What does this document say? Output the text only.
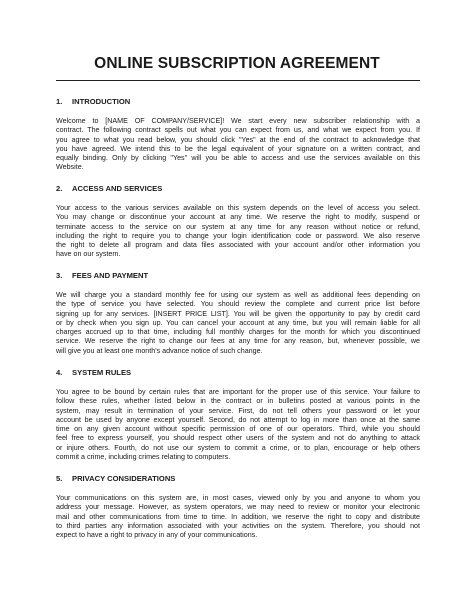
ONLINE SUBSCRIPTION AGREEMENT
1. INTRODUCTION
Welcome to [NAME OF COMPANY/SERVICE]! We start every new subscriber relationship with a
contract. The following contract spells out what you can expect from us, and what we expect from you. If
you agree to what you read below, you should click "Yes" at the end of the contract to acknowledge that
you have agreed. We intend this to be the legal equivalent of your signature on a written contract, and
equally binding. Only by clicking "Yes" will you be able to access and use the services available on this
Website.
2. ACCESS AND SERVICES
Your access to the various services available on this system depends on the level of access you select.
You may change or discontinue your account at any time. We reserve the right to modify, suspend or
terminate access to the service on our system at any time for any reason without notice or refund,
including the right to require you to change your login identification code or password. We also reserve
the right to delete all program and data files associated with your account and/or other information you
have on our system.
3. FEES AND PAYMENT
We will charge you a standard monthly fee for using our system as well as additional fees depending on
the type of service you have selected. You should review the complete and current price list before
signing up for any services. [INSERT PRICE LIST]. You will be given the opportunity to pay by credit card
or by check when you sign up. You can cancel your account at any time, but you will remain liable for all
charges accrued up to that time, including full monthly charges for the month for which you discontinued
service. We reserve the right to change our fees at any time for any reason, but, whenever possible, we
will give you at least one month's advance notice of such change.
4. SYSTEM RULES
You agree to be bound by certain rules that are important for the proper use of this service. Your failure to
follow these rules, whether listed below in the contract or in bulletins posted at various points in the
system, may result in termination of your service. First, do not tell others your password or let your
account be used by anyone except yourself. Second, do not attempt to log in more than once at the same
time on any given account without specific permission of one of our operators. Third, while you should
feel free to express yourself, you should respect other users of the system and not do anything to attack
or injure others. Fourth, do not use our system to commit a crime, or to plan, encourage or help others
commit a crime, including crimes relating to computers.
5. PRIVACY CONSIDERATIONS
Your communications on this system are, in most cases, viewed only by you and anyone to whom you
address your message. However, as system operators, we may need to review or monitor your electronic
mail and other communications from time to time. In addition, we reserve the right to copy and distribute
to third parties any information associated with your activities on the system. Therefore, you should not
expect to have a right to privacy in any of your communications.
